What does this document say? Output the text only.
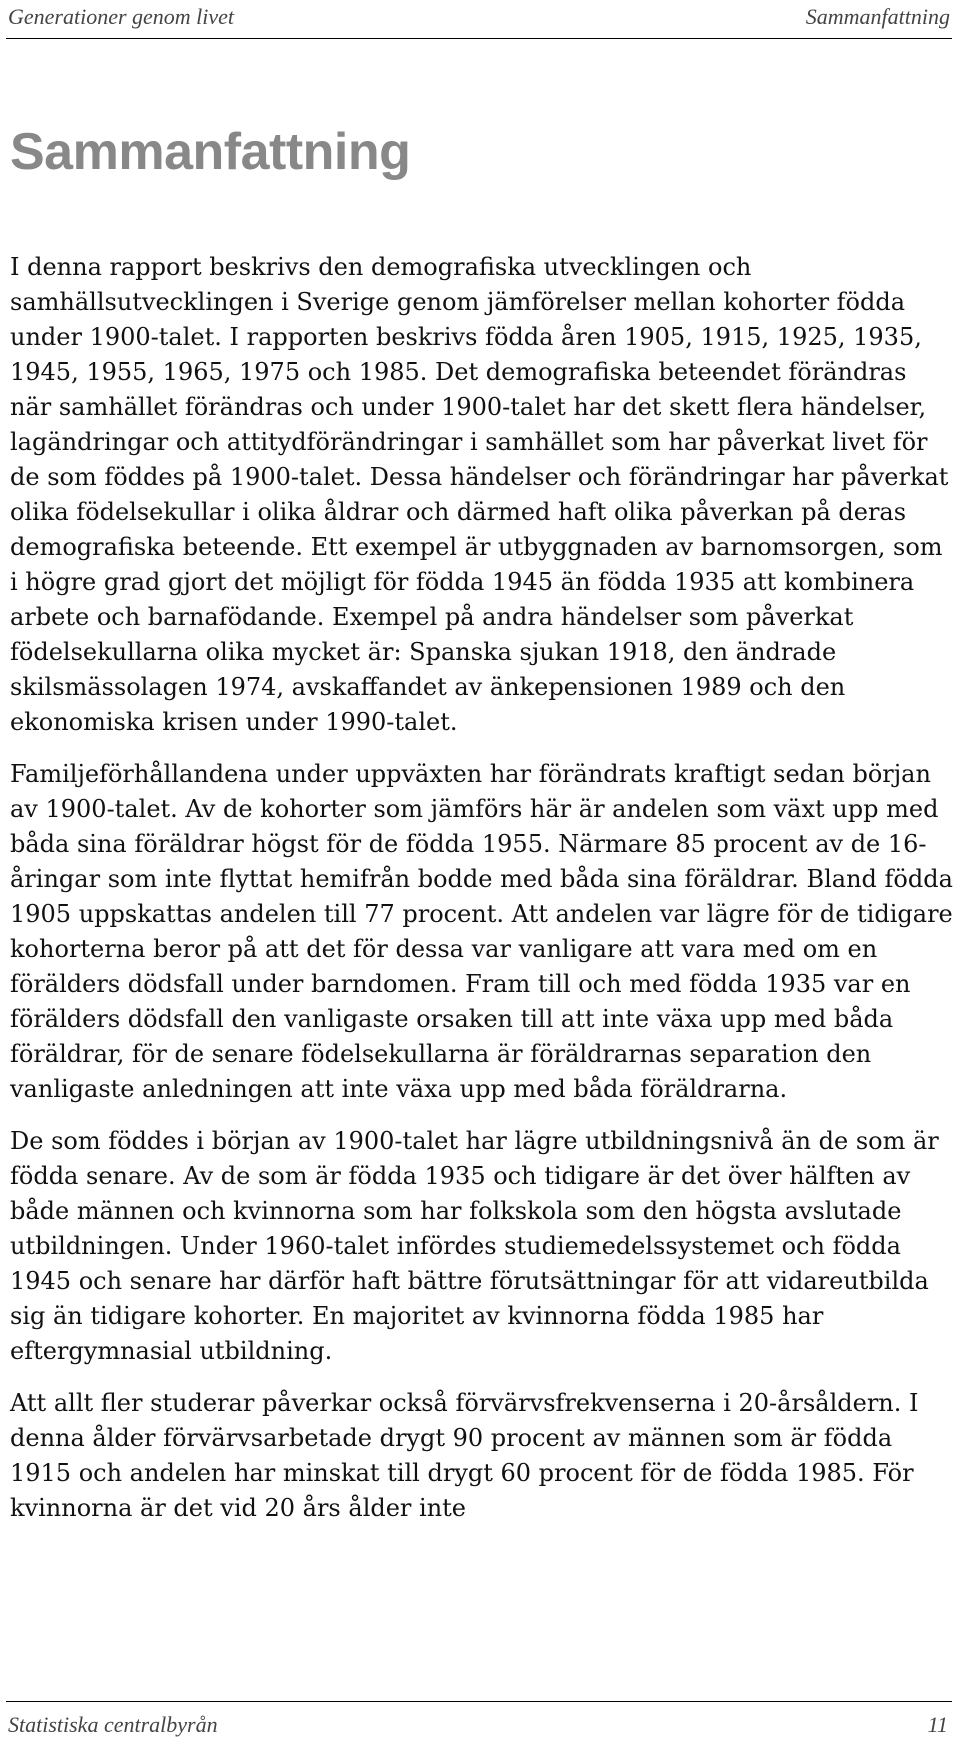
Generationer genom livet	Sammanfattning
Sammanfattning

I denna rapport beskrivs den demografiska utvecklingen och samhällsutvecklingen i Sverige genom jämförelser mellan kohorter födda under 1900-talet. I rapporten beskrivs födda åren 1905, 1915, 1925, 1935, 1945, 1955, 1965, 1975 och 1985. Det demografiska beteendet förändras när samhället förändras och under 1900-talet har det skett flera händelser, lagändringar och attitydförändringar i samhället som har påverkat livet för de som föddes på 1900-talet. Dessa händelser och förändringar har påverkat olika födelsekullar i olika åldrar och därmed haft olika påverkan på deras demografiska beteende. Ett exempel är utbyggnaden av barnomsorgen, som i högre grad gjort det möjligt för födda 1945 än födda 1935 att kombinera arbete och barnafödande. Exempel på andra händelser som påverkat födelsekullarna olika mycket är: Spanska sjukan 1918, den ändrade skilsmässolagen 1974, avskaffandet av änkepensionen 1989 och den ekonomiska krisen under 1990-talet.

Familjeförhållandena under uppväxten har förändrats kraftigt sedan början av 1900-talet. Av de kohorter som jämförs här är andelen som växt upp med båda sina föräldrar högst för de födda 1955. Närmare 85 procent av de 16-åringar som inte flyttat hemifrån bodde med båda sina föräldrar. Bland födda 1905 uppskattas andelen till 77 procent. Att andelen var lägre för de tidigare kohorterna beror på att det för dessa var vanligare att vara med om en förälders dödsfall under barndomen. Fram till och med födda 1935 var en förälders dödsfall den vanligaste orsaken till att inte växa upp med båda föräldrar, för de senare födelsekullarna är föräldrarnas separation den vanligaste anledningen att inte växa upp med båda föräldrarna.

De som föddes i början av 1900-talet har lägre utbildningsnivå än de som är födda senare. Av de som är födda 1935 och tidigare är det över hälften av både männen och kvinnorna som har folkskola som den högsta avslutade utbildningen. Under 1960-talet infördes studiemedelssystemet och födda 1945 och senare har därför haft bättre förutsättningar för att vidareutbilda sig än tidigare kohorter. En majoritet av kvinnorna födda 1985 har eftergymnasial utbildning.

Att allt fler studerar påverkar också förvärvsfrekvenserna i 20-årsåldern. I denna ålder förvärvsarbetade drygt 90 procent av männen som är födda 1915 och andelen har minskat till drygt 60 procent för de födda 1985. För kvinnorna är det vid 20 års ålder inte

Statistiska centralbyrån	11
